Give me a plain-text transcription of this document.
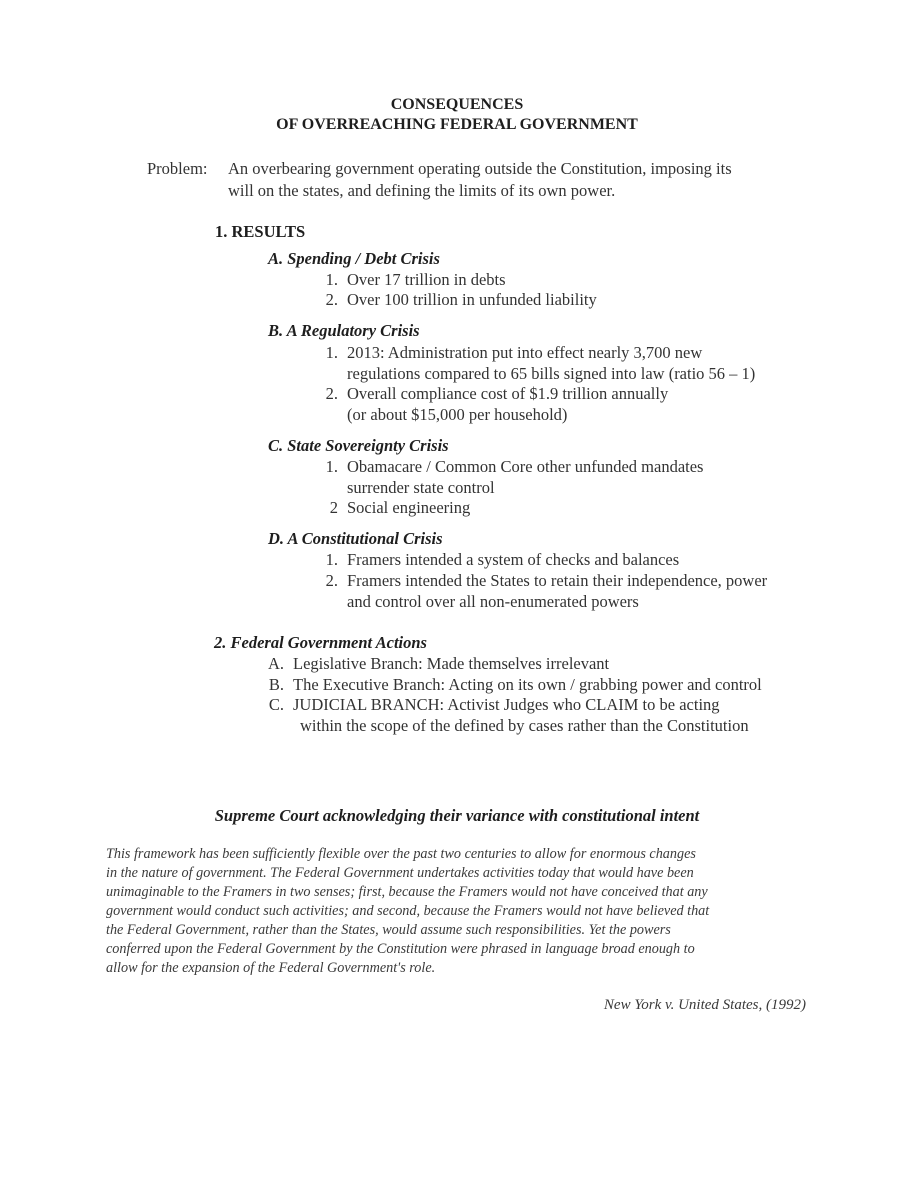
CONSEQUENCES
OF OVERREACHING FEDERAL GOVERNMENT
Problem: An overbearing government operating outside the Constitution, imposing its
will on the states, and defining the limits of its own power.
1. RESULTS
A. Spending / Debt Crisis
1. Over 17 trillion in debts
2. Over 100 trillion in unfunded liability
B. A Regulatory Crisis
1. 2013: Administration put into effect nearly 3,700 new
regulations compared to 65 bills signed into law (ratio 56 – 1)
2. Overall compliance cost of $1.9 trillion annually
(or about $15,000 per household)
C. State Sovereignty Crisis
1. Obamacare / Common Core other unfunded mandates
surrender state control
2 Social engineering
D. A Constitutional Crisis
1. Framers intended a system of checks and balances
2. Framers intended the States to retain their independence, power
and control over all non-enumerated powers
2. Federal Government Actions
A. Legislative Branch: Made themselves irrelevant
B. The Executive Branch: Acting on its own / grabbing power and control
C. JUDICIAL BRANCH: Activist Judges who CLAIM to be acting
within the scope of the defined by cases rather than the Constitution
Supreme Court acknowledging their variance with constitutional intent
This framework has been sufficiently flexible over the past two centuries to allow for enormous changes
in the nature of government. The Federal Government undertakes activities today that would have been
unimaginable to the Framers in two senses; first, because the Framers would not have conceived that any
government would conduct such activities; and second, because the Framers would not have believed that
the Federal Government, rather than the States, would assume such responsibilities. Yet the powers
conferred upon the Federal Government by the Constitution were phrased in language broad enough to
allow for the expansion of the Federal Government's role.
New York v. United States, (1992)
